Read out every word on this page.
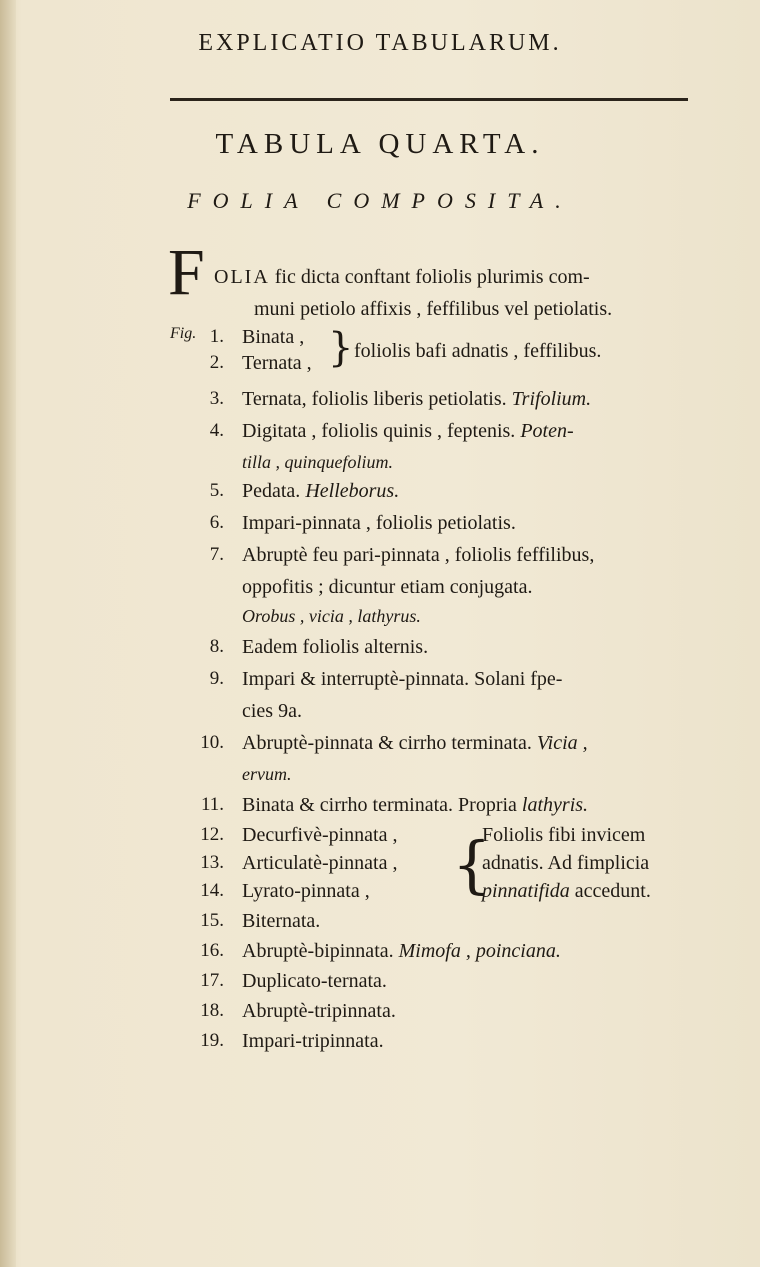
EXPLICATIO TABULARUM.
TABULA QUARTA.
FOLIA COMPOSITA.
F OLIA fic dicta conftant foliolis plurimis com-
muni petiolo affixis , feffilibus vel petiolatis.
Fig. 1. Binata ,
2. Ternata , } foliolis bafi adnatis , feffilibus.
3. Ternata, foliolis liberis petiolatis. Trifolium.
4. Digitata , foliolis quinis , feptenis. Poten-
tilla , quinquefolium.
5. Pedata. Helleborus.
6. Impari-pinnata , foliolis petiolatis.
7. Abruptè feu pari-pinnata , foliolis feffilibus,
oppofitis ; dicuntur etiam conjugata.
Orobus , vicia , lathyrus.
8. Eadem foliolis alternis.
9. Impari & interruptè-pinnata. Solani fpe-
cies 9a.
10. Abruptè-pinnata & cirrho terminata. Vicia ,
ervum.
11. Binata & cirrho terminata. Propria lathyris.
12. Decurfivè-pinnata ,
13. Articulatè-pinnata ,
14. Lyrato-pinnata , {
Foliolis fibi invicem
adnatis. Ad fimplicia
pinnatifida accedunt.
15. Biternata.
16. Abruptè-bipinnata. Mimofa , poinciana.
17. Duplicato-ternata.
18. Abruptè-tripinnata.
19. Impari-tripinnata.
